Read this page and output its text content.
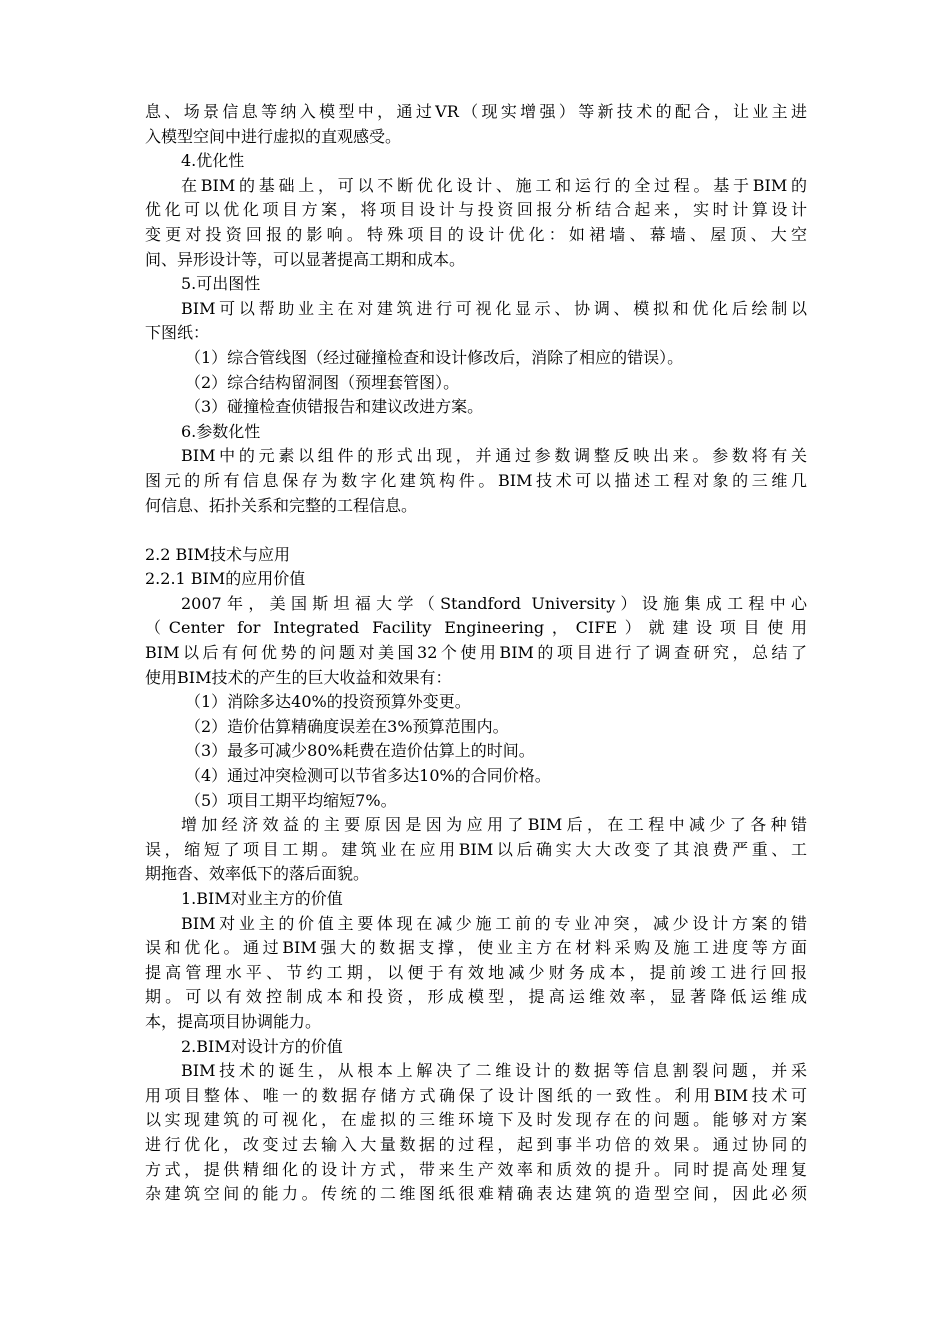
息、场景信息等纳入模型中，通过VR（现实增强）等新技术的配合，让业主进
入模型空间中进行虚拟的直观感受。
4.优化性
在BIM的基础上，可以不断优化设计、施工和运行的全过程。基于BIM的
优化可以优化项目方案，将项目设计与投资回报分析结合起来，实时计算设计
变更对投资回报的影响。特殊项目的设计优化：如裙墙、幕墙、屋顶、大空
间、异形设计等，可以显著提高工期和成本。
5.可出图性
BIM可以帮助业主在对建筑进行可视化显示、协调、模拟和优化后绘制以
下图纸：
（1）综合管线图（经过碰撞检查和设计修改后，消除了相应的错误）。
（2）综合结构留洞图（预埋套管图）。
（3）碰撞检查侦错报告和建议改进方案。
6.参数化性
BIM中的元素以组件的形式出现，并通过参数调整反映出来。参数将有关
图元的所有信息保存为数字化建筑构件。BIM技术可以描述工程对象的三维几
何信息、拓扑关系和完整的工程信息。
2.2 BIM技术与应用
2.2.1 BIM的应用价值
2007年，美国斯坦福大学（Standford University）设施集成工程中心
（Center for Integrated Facility Engineering，CIFE）就建设项目使用
BIM以后有何优势的问题对美国32个使用BIM的项目进行了调查研究，总结了
使用BIM技术的产生的巨大收益和效果有：
（1）消除多达40%的投资预算外变更。
（2）造价估算精确度误差在3%预算范围内。
（3）最多可减少80%耗费在造价估算上的时间。
（4）通过冲突检测可以节省多达10%的合同价格。
（5）项目工期平均缩短7%。
增加经济效益的主要原因是因为应用了BIM后，在工程中减少了各种错
误，缩短了项目工期。建筑业在应用BIM以后确实大大改变了其浪费严重、工
期拖沓、效率低下的落后面貌。
1.BIM对业主方的价值
BIM对业主的价值主要体现在减少施工前的专业冲突，减少设计方案的错
误和优化。通过BIM强大的数据支撑，使业主方在材料采购及施工进度等方面
提高管理水平、节约工期，以便于有效地减少财务成本，提前竣工进行回报
期。可以有效控制成本和投资，形成模型，提高运维效率，显著降低运维成
本，提高项目协调能力。
2.BIM对设计方的价值
BIM技术的诞生，从根本上解决了二维设计的数据等信息割裂问题，并采
用项目整体、唯一的数据存储方式确保了设计图纸的一致性。利用BIM技术可
以实现建筑的可视化，在虚拟的三维环境下及时发现存在的问题。能够对方案
进行优化，改变过去输入大量数据的过程，起到事半功倍的效果。通过协同的
方式，提供精细化的设计方式，带来生产效率和质效的提升。同时提高处理复
杂建筑空间的能力。传统的二维图纸很难精确表达建筑的造型空间，因此必须
